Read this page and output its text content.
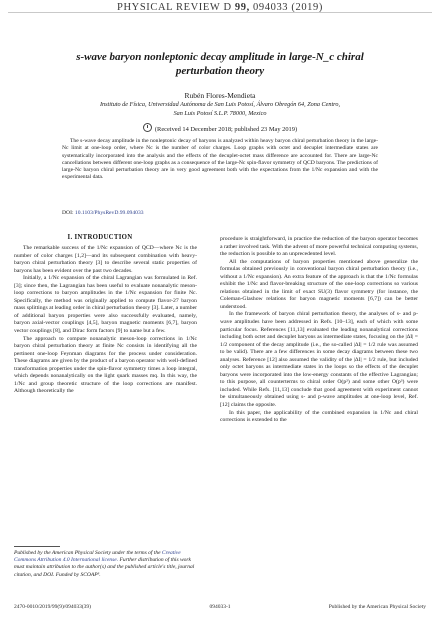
PHYSICAL REVIEW D 99, 094033 (2019)
s-wave baryon nonleptonic decay amplitude in large-N_c chiral
perturbation theory
Rubén Flores-Mendieta
Instituto de Física, Universidad Autónoma de San Luis Potosí, Álvaro Obregón 64, Zona Centro,
San Luis Potosí S.L.P. 78000, Mexico
(Received 14 December 2018; published 23 May 2019)

The s-wave decay amplitude in the nonleptonic decay of baryons is analyzed within heavy baryon chiral perturbation theory in the large-Nc limit at one-loop order, where Nc is the number of color charges. Loop graphs with octet and decuplet intermediate states are systematically incorporated into the analysis and the effects of the decuplet-octet mass difference are accounted for. There are large-Nc cancellations between different one-loop graphs as a consequence of the large-Nc spin-flavor symmetry of QCD baryons. The predictions of large-Nc baryon chiral perturbation theory are in very good agreement both with the expectations from the 1/Nc expansion and with the experimental data.

DOI: 10.1103/PhysRevD.99.094033
I. INTRODUCTION

The remarkable success of the 1/Nc expansion of QCD—where Nc is the number of color charges [1,2]—and its subsequent combination with heavy-baryon chiral perturbation theory [3] to describe several static properties of baryons has been evident over the past two decades.

Initially, a 1/Nc expansion of the chiral Lagrangian was formulated in Ref. [3]; since then, the Lagrangian has been useful to evaluate nonanalytic meson-loop corrections to baryon amplitudes in the 1/Nc expansion for finite Nc. Specifically, the method was originally applied to compute flavor-27 baryon mass splittings at leading order in chiral perturbation theory [3]. Later, a number of additional baryon properties were also successfully evaluated, namely, baryon axial-vector couplings [4,5], baryon magnetic moments [6,7], baryon vector couplings [8], and Dirac form factors [9] to name but a few.

The approach to compute nonanalytic meson-loop corrections in 1/Nc baryon chiral perturbation theory at finite Nc consists in identifying all the pertinent one-loop Feynman diagrams for the process under consideration. These diagrams are given by the product of a baryon operator with well-defined transformation properties under the spin-flavor symmetry times a loop integral, which depends nonanalytically on the light quark masses mq. In this way, the 1/Nc and group theoretic structure of the loop corrections are manifest. Although theoretically the

procedure is straightforward, in practice the reduction of the baryon operator becomes a rather involved task. With the advent of more powerful technical computing systems, the reduction is possible to an unprecedented level.

All the computations of baryon properties mentioned above generalize the formulas obtained previously in conventional baryon chiral perturbation theory (i.e., without a 1/Nc expansion). An extra feature of the approach is that the 1/Nc formulas exhibit the 1/Nc and flavor-breaking structure of the one-loop corrections so various relations obtained in the limit of exact SU(3) flavor symmetry (for instance, the Coleman-Glashow relations for baryon magnetic moments [6,7]) can be better understood.

In the framework of baryon chiral perturbation theory, the analyses of s- and p-wave amplitudes have been addressed in Refs. [10–13], each of which with some particular focus. References [11,13] evaluated the leading nonanalytical corrections including both octet and decuplet baryons as intermediate states, focusing on the |ΔI| = 1/2 component of the decay amplitude (i.e., the so-called |ΔI| = 1/2 rule was assumed to be valid). There are a few differences in some decay diagrams between these two analyses. Reference [12] also assumed the validity of the |ΔI| = 1/2 rule, but included only octet baryons as intermediate states in the loops so the effects of the decuplet baryons were incorporated into the low-energy constants of the effective Lagrangian; to this purpose, all counterterms to chiral order O(p²) and some other O(p³) were included. While Refs. [11,13] conclude that good agreement with experiment cannot be simultaneously obtained using s- and p-wave amplitudes at one-loop level, Ref. [12] claims the opposite.

In this paper, the applicability of the combined expansion in 1/Nc and chiral corrections is extended to the

Published by the American Physical Society under the terms of the Creative Commons Attribution 4.0 International license. Further distribution of this work must maintain attribution to the author(s) and the published article's title, journal citation, and DOI. Funded by SCOAP³.
2470-0010/2019/99(9)/094033(39)	094033-1	Published by the American Physical Society
